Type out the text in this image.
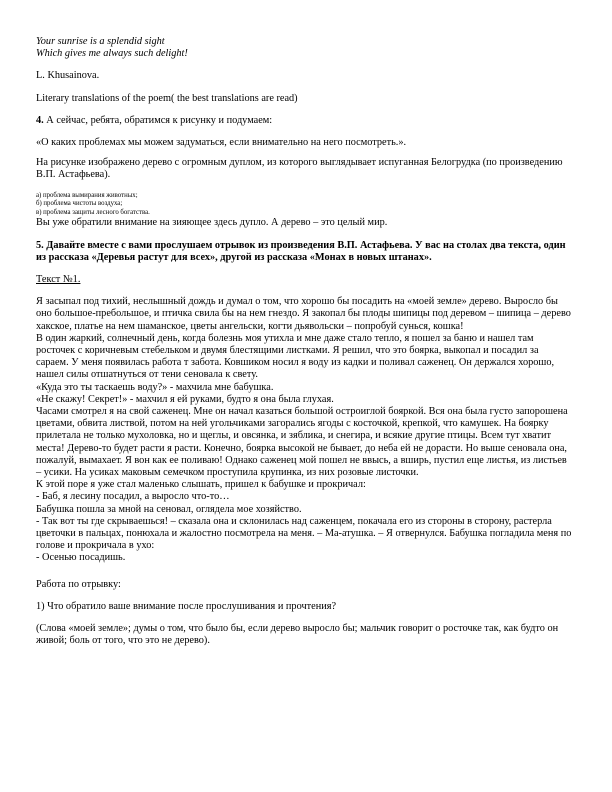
Your sunrise is a splendid sight

Which gives me always such delight!

L. Khusainova.

Literary translations of the poem( the best translations are read)

4. А сейчас, ребята, обратимся к рисунку и подумаем:

«О каких проблемах мы можем задуматься, если внимательно на него посмотреть.».

На рисунке изображено дерево с огромным дуплом, из которого выглядывает испуганная Белогрудка (по произведению В.П. Астафьева).

а) проблема вымирания животных;

б) проблема чистоты воздуха;

в) проблема защиты лесного богатства.

Вы уже обратили внимание на зияющее здесь дупло. А дерево – это целый мир.

5. Давайте вместе с вами прослушаем отрывок из произведения В.П. Астафьева. У вас на столах два текста, один из рассказа «Деревья растут для всех», другой из рассказа «Монах в новых штанах».

Текст №1.

Я засыпал под тихий, неслышный дождь и думал о том, что хорошо бы посадить на «моей земле» дерево. Выросло бы оно большое-пребольшое, и птичка свила бы на нем гнездо. Я закопал бы плоды шипицы под деревом – шипица – дерево хакское, платье на нем шаманское, цветы ангельски, когти дьявольски – попробуй сунься, кошка!

В один жаркий, солнечный день, когда болезнь моя утихла и мне даже стало тепло, я пошел за баню и нашел там росточек с коричневым стебельком и двумя блестящими листками. Я решил, что это боярка, выкопал и посадил за сараем. У меня появилась работа т забота. Ковшиком носил я воду из кадки и поливал саженец. Он держался хорошо, нашел силы отшатнуться от тени сеновала к свету.

«Куда это ты таскаешь воду?» - махчила мне бабушка.

«Не скажу! Секрет!» - махчил я ей руками, будто я она была глухая.

Часами смотрел я на свой саженец. Мне он начал казаться большой остроиглой бояркой. Вся она была густо запорошена цветами, обвита листвой, потом на ней угольчиками загорались ягоды с косточкой, крепкой, что камушек. На боярку прилетала не только мухоловка, но и щеглы, и овсянка, и зяблика, и снегира, и всякие другие птицы. Всем тут хватит места! Дерево-то будет расти я расти. Конечно, боярка высокой не бывает, до неба ей не дорасти. Но выше сеновала она, пожалуй, вымахает. Я вон как ее поливаю! Однако саженец мой пошел не ввысь, а вширь, пустил еще листья, из листьев – усики. На усиках маковым семечком проступила крупинка, из них розовые листочки.

К этой поре я уже стал маленько слышать, пришел к бабушке и прокричал:

- Баб, я лесину посадил, а выросло что-то…

Бабушка пошла за мной на сеновал, оглядела мое хозяйство.

- Так вот ты где скрываешься! – сказала она и склонилась над саженцем, покачала его из стороны в сторону, растерла цветочки в пальцах, понюхала и жалостно посмотрела на меня. – Ма-атушка. – Я отвернулся. Бабушка погладила меня по голове и прокричала в ухо:

- Осенью посадишь.

Работа по отрывку:

1) Что обратило ваше внимание после прослушивания и прочтения?

(Слова «моей земле»; думы о том, что было бы, если дерево выросло бы; мальчик говорит о росточке так, как будто он живой; боль от того, что это не дерево).
